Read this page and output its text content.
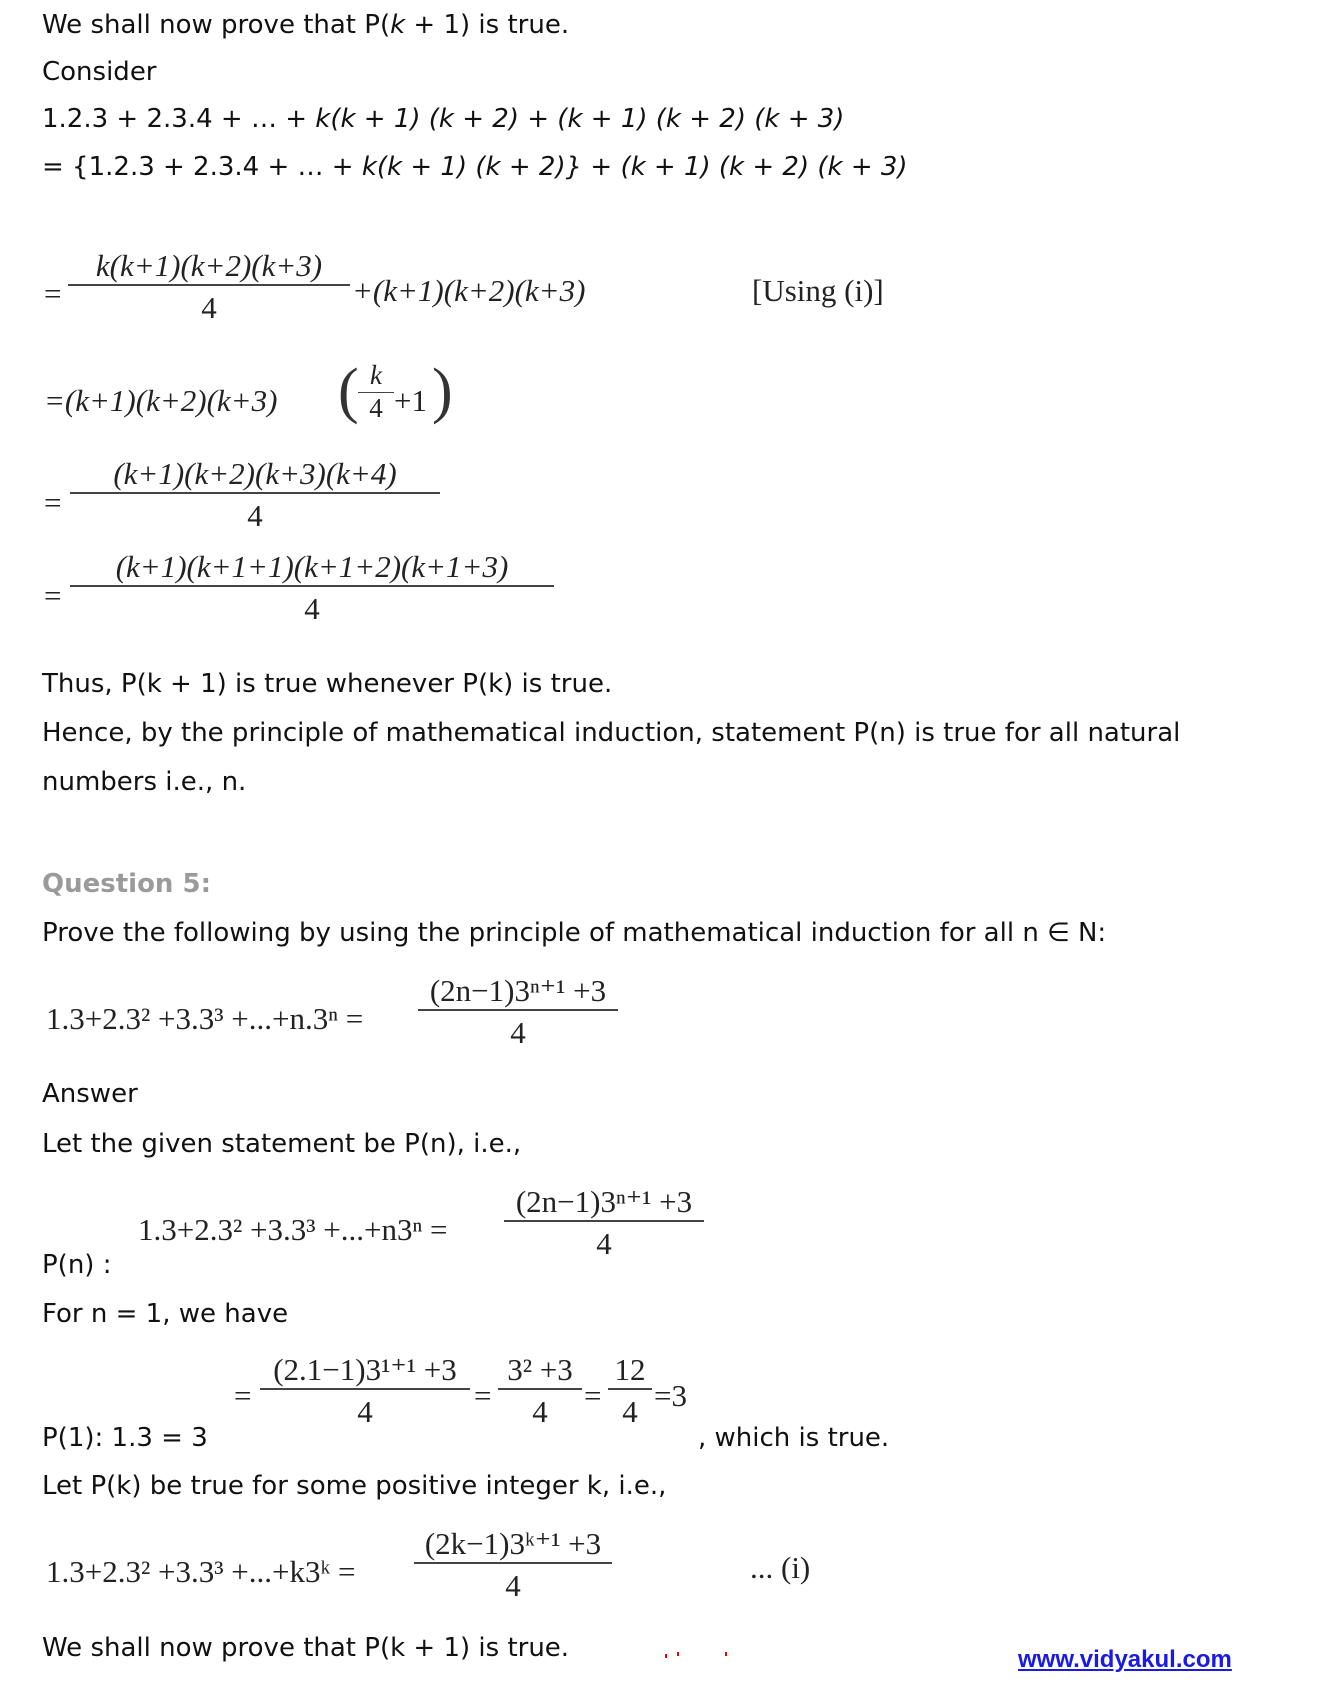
We shall now prove that P(k + 1) is true.
Consider
1.2.3 + 2.3.4 + … + k(k + 1) (k + 2) + (k + 1) (k + 2) (k + 3)
= {1.2.3 + 2.3.4 + … + k(k + 1) (k + 2)} + (k + 1) (k + 2) (k + 3)
= $\frac{k(k+1)(k+2)(k+3)}{4} +(k+1)(k+2)(k+3)$	[Using (i)]
=(k+1)(k+2)(k+3) ( $\frac{k}{4} +1$ )
= $\frac{(k+1)(k+2)(k+3)(k+4)}{4}$
= $\frac{(k+1)(k+1+1)(k+1+2)(k+1+3)}{4}$
Thus, P(k + 1) is true whenever P(k) is true.
Hence, by the principle of mathematical induction, statement P(n) is true for all natural
numbers i.e., n.
Question 5:
Prove the following by using the principle of mathematical induction for all n ∈ N:
$1.3+2.3^2 +3.3^3 +...+n.3^n = \frac{\text{(2n−1)3ⁿ⁺¹ +3}}{4}$
Answer
Let the given statement be P(n), i.e.,
$1.3+2.3^2 +3.3^3 +...+n3^n = \frac{\text{(2n−1)3ⁿ⁺¹ +3}}{4}$
P(n) :
For n = 1, we have
= $\frac{\text{(2.1−1)3¹⁺¹ +3}}{4} = \frac{\text{3² +3}}{4} = \frac{12}{4} =3$
P(1): 1.3 = 3	, which is true.
Let P(k) be true for some positive integer k, i.e.,
1.3+2.3² +3.3³ +...+k3ᵏ = $\frac{\text{(2k−1)3ᵏ⁺¹ +3}}{4}$	... (i)
We shall now prove that P(k + 1) is true.	www.vidyakul.com
